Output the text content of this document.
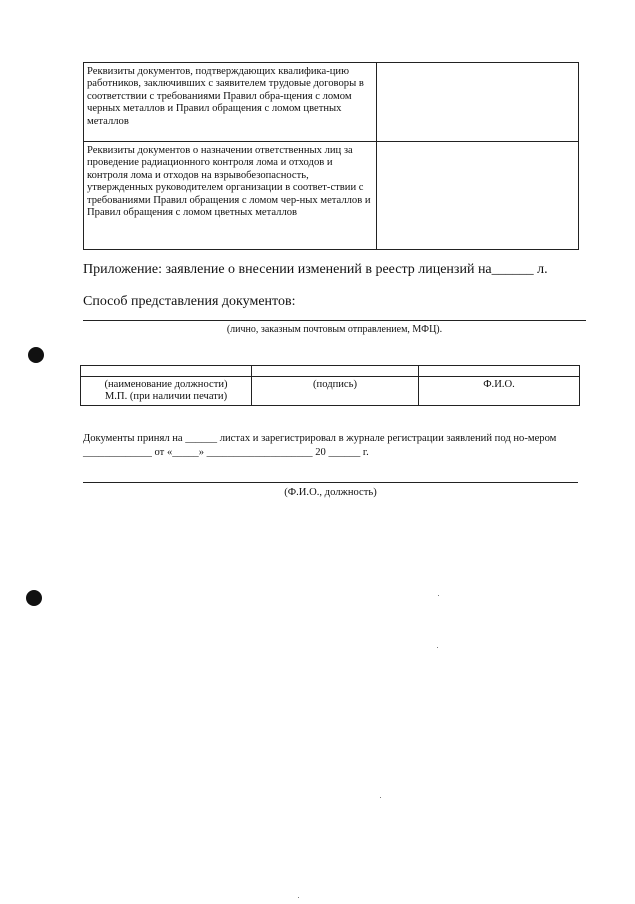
Реквизиты документов, подтверждающих квалифика-цию работников, заключивших с заявителем трудовые договоры в соответствии с требованиями Правил обра-щения с ломом черных металлов и Правил обращения с ломом цветных металлов	
Реквизиты документов о назначении ответственных лиц за проведение радиационного контроля лома и отходов и контроля лома и отходов на взрывобезопасность, утвержденных руководителем организации в соответ-ствии с требованиями Правил обращения с ломом чер-ных металлов и Правил обращения с ломом цветных металлов	
Приложение: заявление о внесении изменений в реестр лицензий на______ л.
Способ представления документов:
(лично, заказным почтовым отправлением, МФЦ).

(наименование должности)
М.П. (при наличии печати)	(подпись)	Ф.И.О.
Документы принял на ______ листах и зарегистрировал в журнале регистрации заявлений под но-мером _____________ от «_____» ____________________ 20 ______ г.
(Ф.И.О., должность)
